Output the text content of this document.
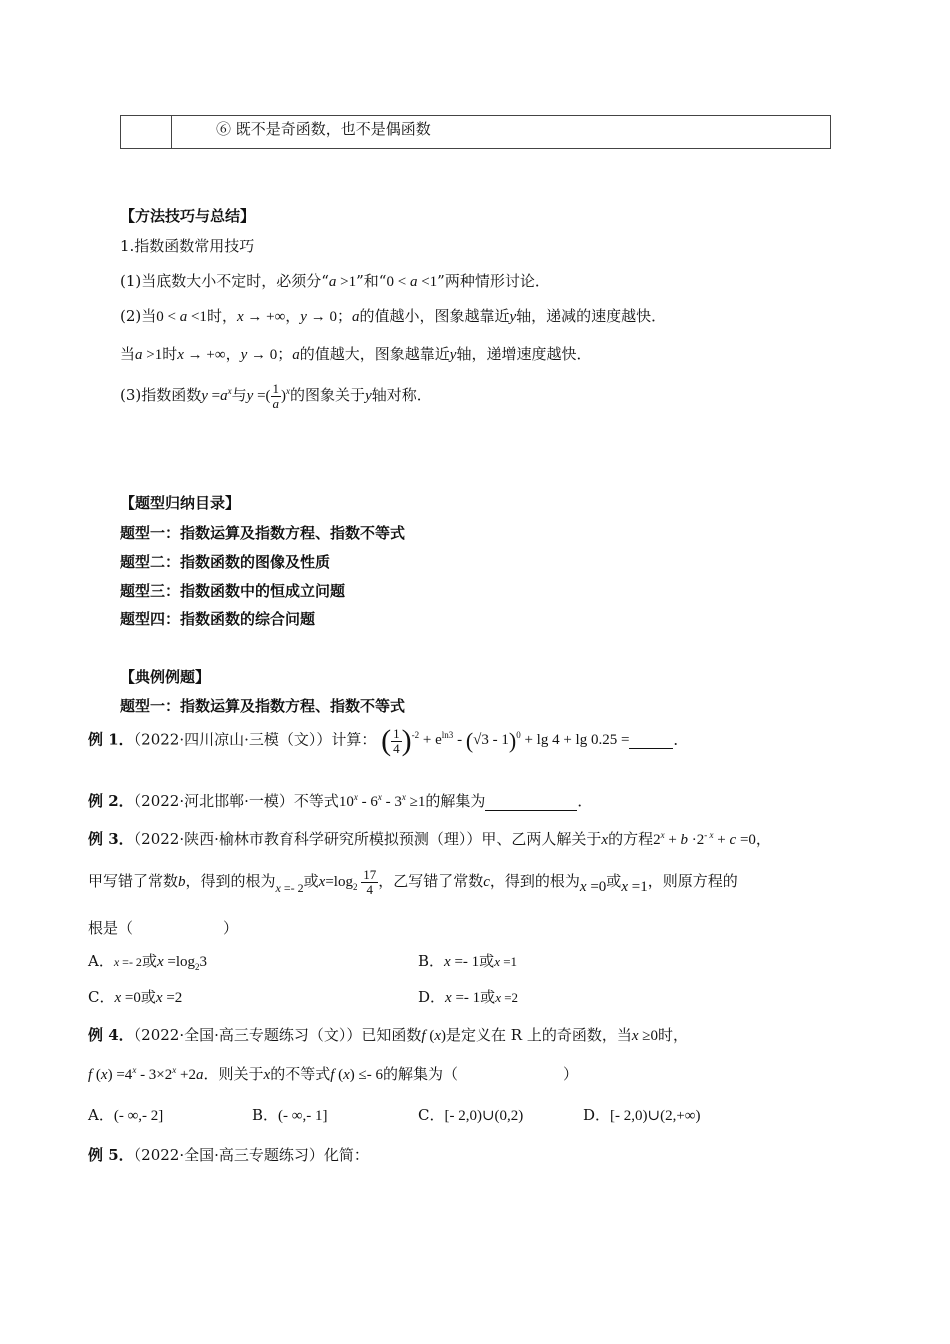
	⑥ 既不是奇函数，也不是偶函数
【方法技巧与总结】
1.指数函数常用技巧
(1)当底数大小不定时，必须分“a >1”和“0 < a <1”两种情形讨论．
(2)当0 < a <1时，x → +∞，y → 0；a的值越小，图象越靠近y轴，递减的速度越快．
当a >1时x → +∞，y → 0；a的值越大，图象越靠近y轴，递增速度越快．
(3)指数函数$y =a^x$与y =( $\frac{1}{a} )^x$的图象关于y轴对称．
【题型归纳目录】
题型一：指数运算及指数方程、指数不等式
题型二：指数函数的图像及性质
题型三：指数函数中的恒成立问题
题型四：指数函数的综合问题
【典例例题】
题型一：指数运算及指数方程、指数不等式
例 1．（2022·四川凉山·三模（文））计算： ( $\frac{1}{4} )^{-2} + e^{ln3} - (√3 - 1)^0 + \lg 4 + \lg 0.25$ =	．
例 2．（2022·河北邯郸·一模）不等式$10^x - 6^x - 3^x \ge 1$的解集为	．
例 3．（2022·陕西·榆林市教育科学研究所模拟预测（理））甲、乙两人解关于x的方程$2^x + b \cdot 2^{- x} + c =0$，
甲写错了常数b，得到的根为$_{x =- 2}$或$x=\log_2 \frac{17}{4}$ ，乙写错了常数c，得到的根为x =0或x =1，则原方程的
根是（　　　　　　）
A．x =- 2或$x =\log_23$	B．x =- 1或x =1
C．x =0或x =2	D．x =- 1或x =2
例 4．（2022·全国·高三专题练习（文））已知函数f (x)是定义在 R 上的奇函数，当x ≥0时，
f $(x) =4^x - 3\times 2^x +2a$．则关于x的不等式f (x) ≤- 6的解集为（　　　　　　　）
A．(- ∞,- 2]	B．(- ∞,- 1]	C．[- 2,0)∪(0,2)	D．[- 2,0)∪(2,+∞)
例 5．（2022·全国·高三专题练习）化简：
